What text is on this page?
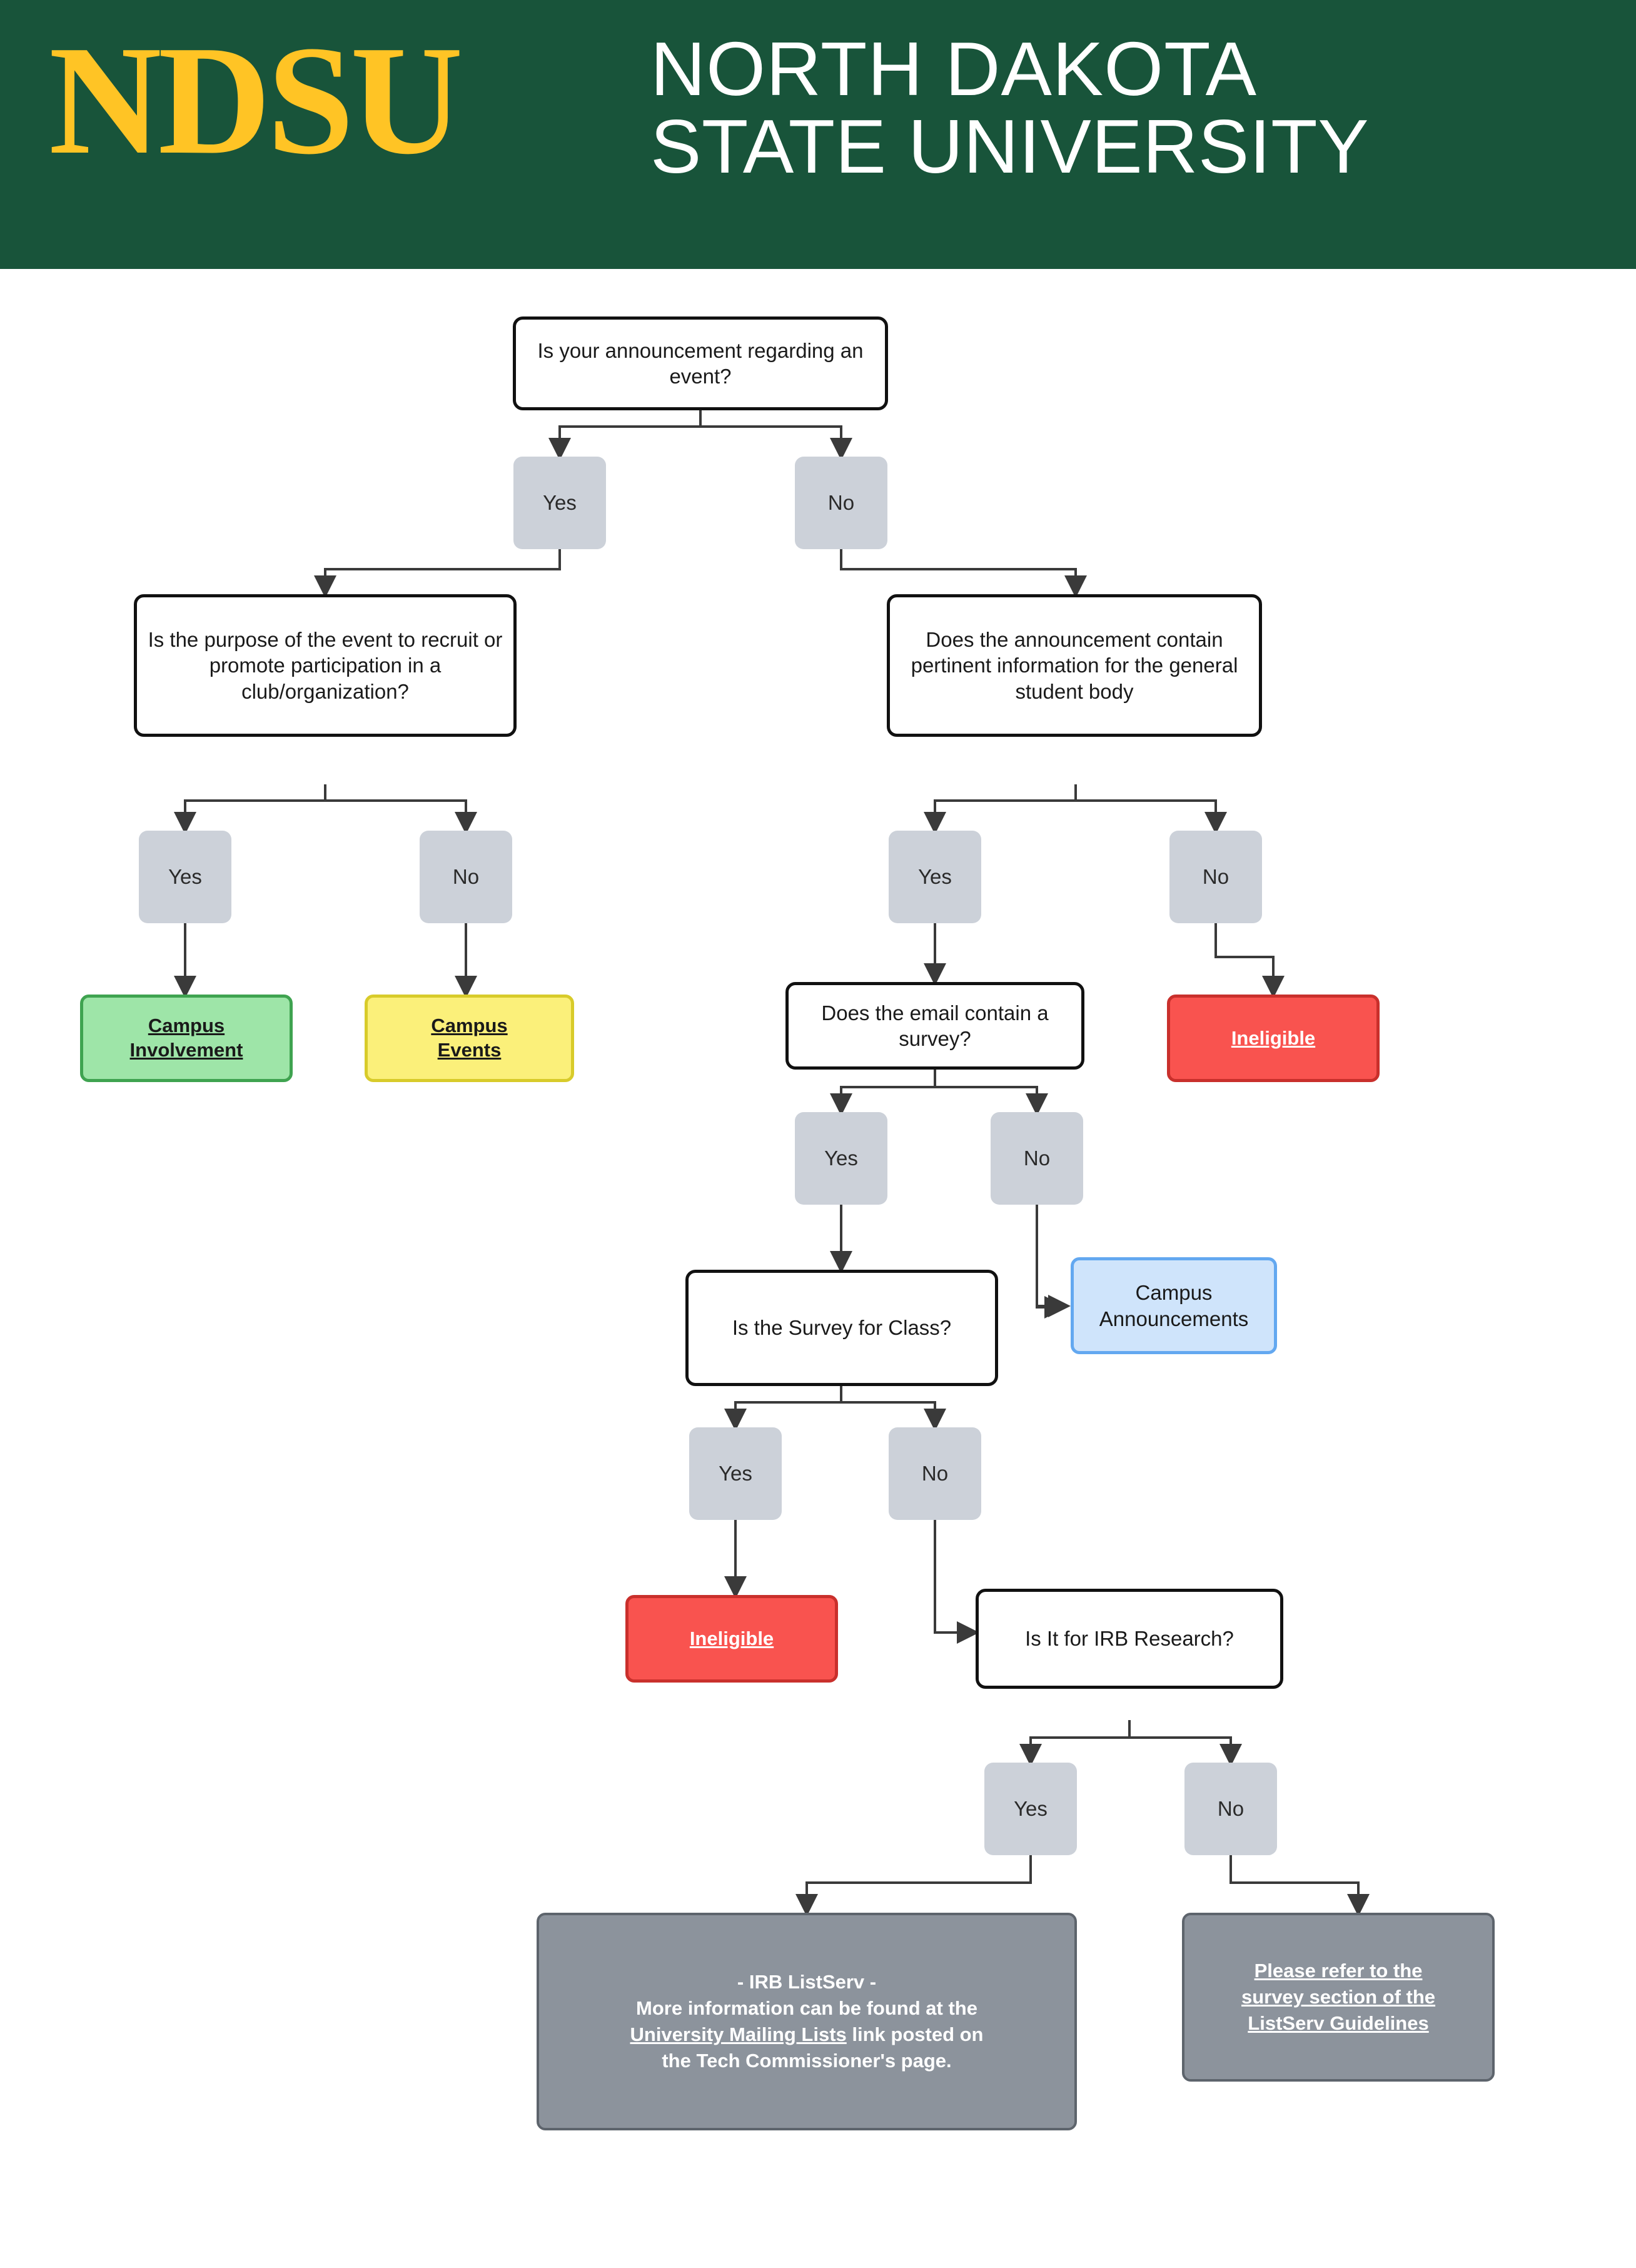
NDSU	NORTH DAKOTA
STATE UNIVERSITY
Is your announcement regarding an event?
Yes	No
Is the purpose of the event to recruit or promote participation in a club/organization?
Yes	No
Campus
Involvement
Campus
Events
Does the announcement contain pertinent information for the general student body
Yes	No
Ineligible
Does the email contain a survey?
Yes	No
Campus
Announcements
Is the Survey for Class?
Yes	No
Ineligible	Is It for IRB Research?
Yes	No
- IRB ListServ -
More information can be found at the
University Mailing Lists link posted on
the Tech Commissioner's page.
Please refer to the
survey section of the
ListServ Guidelines
